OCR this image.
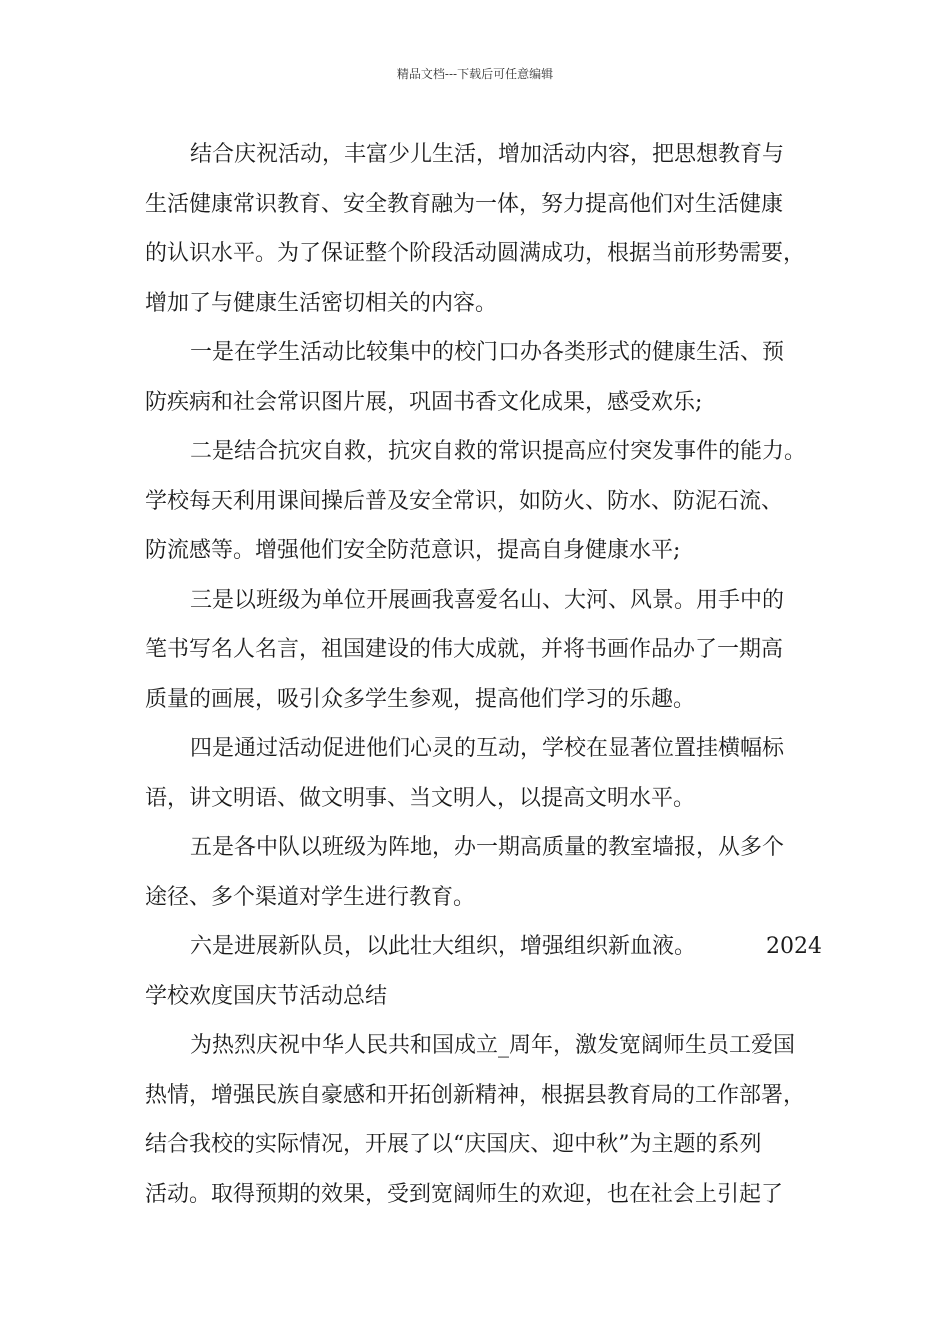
精品文档---下载后可任意编辑
结合庆祝活动，丰富少儿生活，增加活动内容，把思想教育与
生活健康常识教育、安全教育融为一体，努力提高他们对生活健康
的认识水平。为了保证整个阶段活动圆满成功，根据当前形势需要，
增加了与健康生活密切相关的内容。
一是在学生活动比较集中的校门口办各类形式的健康生活、预
防疾病和社会常识图片展，巩固书香文化成果，感受欢乐;
二是结合抗灾自救，抗灾自救的常识提高应付突发事件的能力。
学校每天利用课间操后普及安全常识，如防火、防水、防泥石流、
防流感等。增强他们安全防范意识，提高自身健康水平;
三是以班级为单位开展画我喜爱名山、大河、风景。用手中的
笔书写名人名言，祖国建设的伟大成就，并将书画作品办了一期高
质量的画展，吸引众多学生参观，提高他们学习的乐趣。
四是通过活动促进他们心灵的互动，学校在显著位置挂横幅标
语，讲文明语、做文明事、当文明人，以提高文明水平。
五是各中队以班级为阵地，办一期高质量的教室墙报，从多个
途径、多个渠道对学生进行教育。
六是进展新队员，以此壮大组织，增强组织新血液。	2024
学校欢度国庆节活动总结
为热烈庆祝中华人民共和国成立_周年，激发宽阔师生员工爱国
热情，增强民族自豪感和开拓创新精神，根据县教育局的工作部署，
结合我校的实际情况，开展了以“庆国庆、迎中秋”为主题的系列
活动。取得预期的效果，受到宽阔师生的欢迎，也在社会上引起了
